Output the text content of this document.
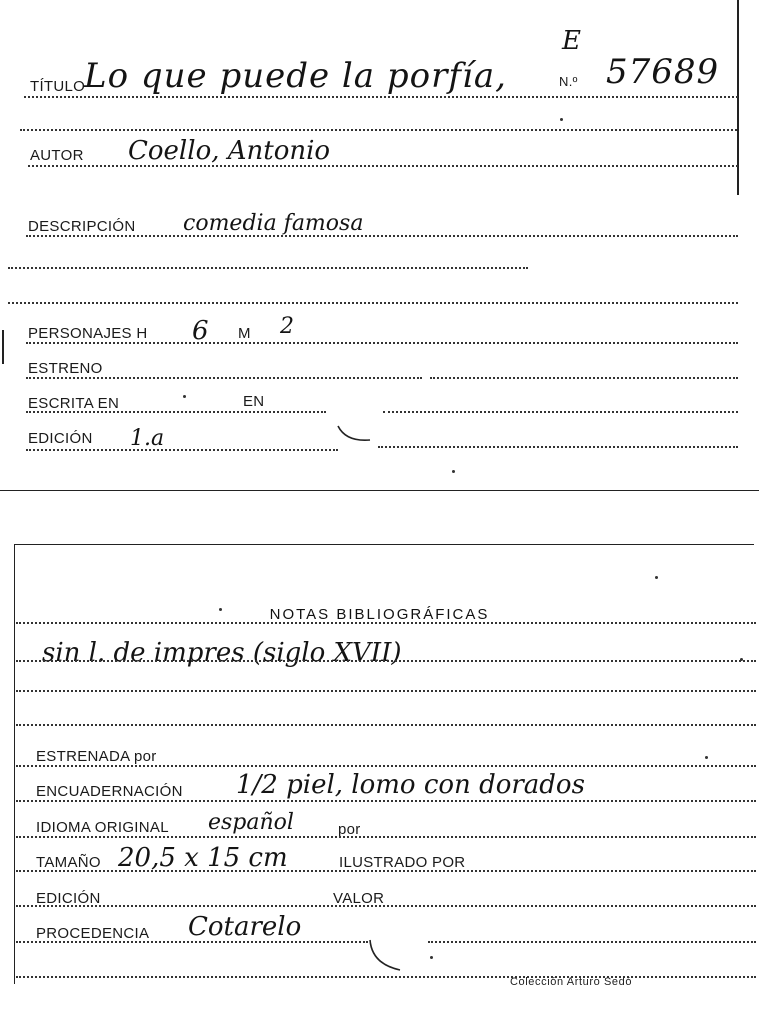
TÍTULO
Lo que puede la porfía,
E
N.º 57689
AUTOR Coello, Antonio
DESCRIPCIÓN comedia famosa
PERSONAJES H 6 M 2
ESTRENO
ESCRITA EN	EN
EDICIÓN 1.a
NOTAS BIBLIOGRÁFICAS
sin l. de impres (siglo XVII)
ESTRENADA por
ENCUADERNACIÓN 1/2 piel, lomo con dorados
IDIOMA ORIGINAL español	por
TAMAÑO 20,5 x 15 cm	ILUSTRADO POR
EDICIÓN	VALOR
PROCEDENCIA Cotarelo
Colección Arturo Sedó
